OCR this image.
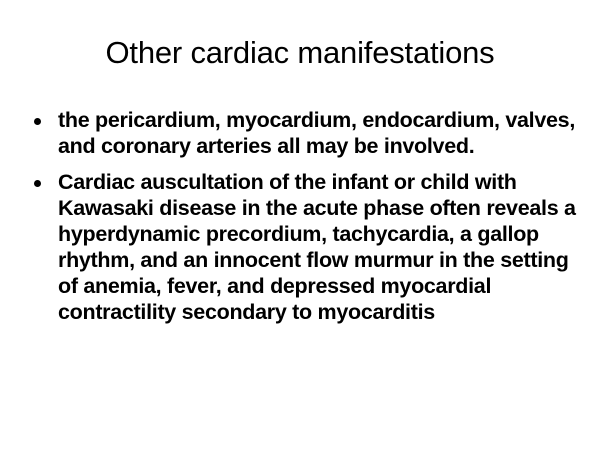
Other cardiac manifestations
the pericardium, myocardium, endocardium, valves, and coronary arteries all may be involved.
Cardiac auscultation of the infant or child with Kawasaki disease in the acute phase often reveals a hyperdynamic precordium, tachycardia, a gallop rhythm, and an innocent flow murmur in the setting of anemia, fever, and depressed myocardial contractility secondary to myocarditis
